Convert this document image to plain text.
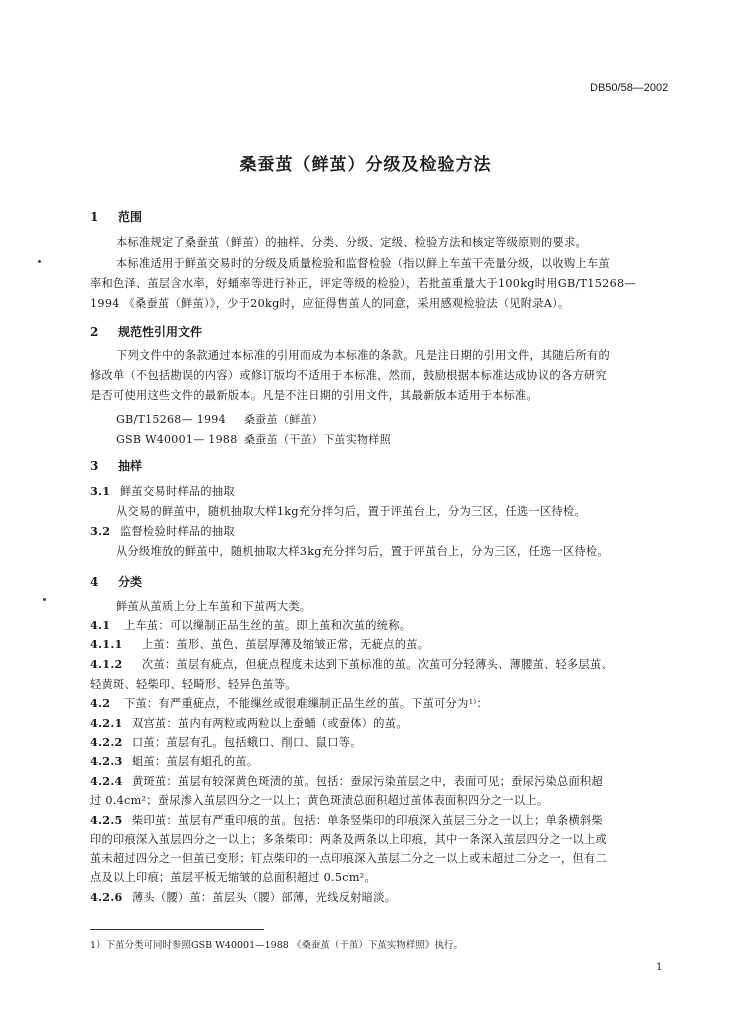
DB50/58—2002
桑蚕茧（鲜茧）分级及检验方法
1 范围
本标准规定了桑蚕茧（鲜茧）的抽样、分类、分级、定级、检验方法和核定等级原则的要求。
本标准适用于鲜茧交易时的分级及质量检验和监督检验（指以鲜上车茧干壳量分级，以收购上车茧
率和色泽、茧层含水率，好蛹率等进行补正，评定等级的检验），若批茧重量大于100kg时用GB/T15268—
1994 《桑蚕茧（鲜茧）》，少于20kg时，应征得售茧人的同意，采用感观检验法（见附录A）。
2 规范性引用文件
下列文件中的条款通过本标准的引用而成为本标准的条款。凡是注日期的引用文件，其随后所有的
修改单（不包括勘误的内容）或修订版均不适用于本标准，然而，鼓励根据本标准达成协议的各方研究
是否可使用这些文件的最新版本。凡是不注日期的引用文件，其最新版本适用于本标准。
GB/T15268— 1994 桑蚕茧（鲜茧）
GSB W40001— 1988 桑蚕茧（干茧）下茧实物样照
3 抽样
3.1 鲜茧交易时样品的抽取
从交易的鲜茧中，随机抽取大样1kg充分拌匀后，置于评茧台上，分为三区，任选一区待检。
3.2 监督检验时样品的抽取
从分级堆放的鲜茧中，随机抽取大样3kg充分拌匀后，置于评茧台上，分为三区，任选一区待检。
4 分类
鲜茧从茧质上分上车茧和下茧两大类。
4.1 上车茧：可以缫制正品生丝的茧。即上茧和次茧的统称。
4.1.1 上茧：茧形、茧色、茧层厚薄及缩皱正常，无疵点的茧。
4.1.2 次茧：茧层有疵点，但疵点程度未达到下茧标准的茧。次茧可分轻薄头、薄腰茧、轻多层茧、
轻黄斑、轻柴印、轻畸形、轻异色茧等。
4.2 下茧：有严重疵点，不能缫丝或很难缫制正品生丝的茧。下茧可分为¹⁾：
4.2.1 双宫茧：茧内有两粒或两粒以上蚕蛹（或蚕体）的茧。
4.2.2 口茧：茧层有孔。包括蛾口、削口、鼠口等。
4.2.3 蛆茧：茧层有蛆孔的茧。
4.2.4 黄斑茧：茧层有较深黄色斑渍的茧。包括：蚕尿污染茧层之中，表面可见；蚕尿污染总面积超
过 0.4cm²；蚕尿渗入茧层四分之一以上；黄色斑渍总面积超过茧体表面积四分之一以上。
4.2.5 柴印茧：茧层有严重印痕的茧。包括：单条竖柴印的印痕深入茧层三分之一以上；单条横斜柴
印的印痕深入茧层四分之一以上；多条柴印：两条及两条以上印痕，其中一条深入茧层四分之一以上或
茧未超过四分之一但茧已变形；钉点柴印的一点印痕深入茧层二分之一以上或未超过二分之一，但有二
点及以上印痕；茧层平板无缩皱的总面积超过 0.5cm²。
4.2.6 薄头（腰）茧：茧层头（腰）部薄，光线反射暗淡。
1）下茧分类可同时参照GSB W40001—1988 《桑蚕茧（干茧）下茧实物样照》执行。
1
